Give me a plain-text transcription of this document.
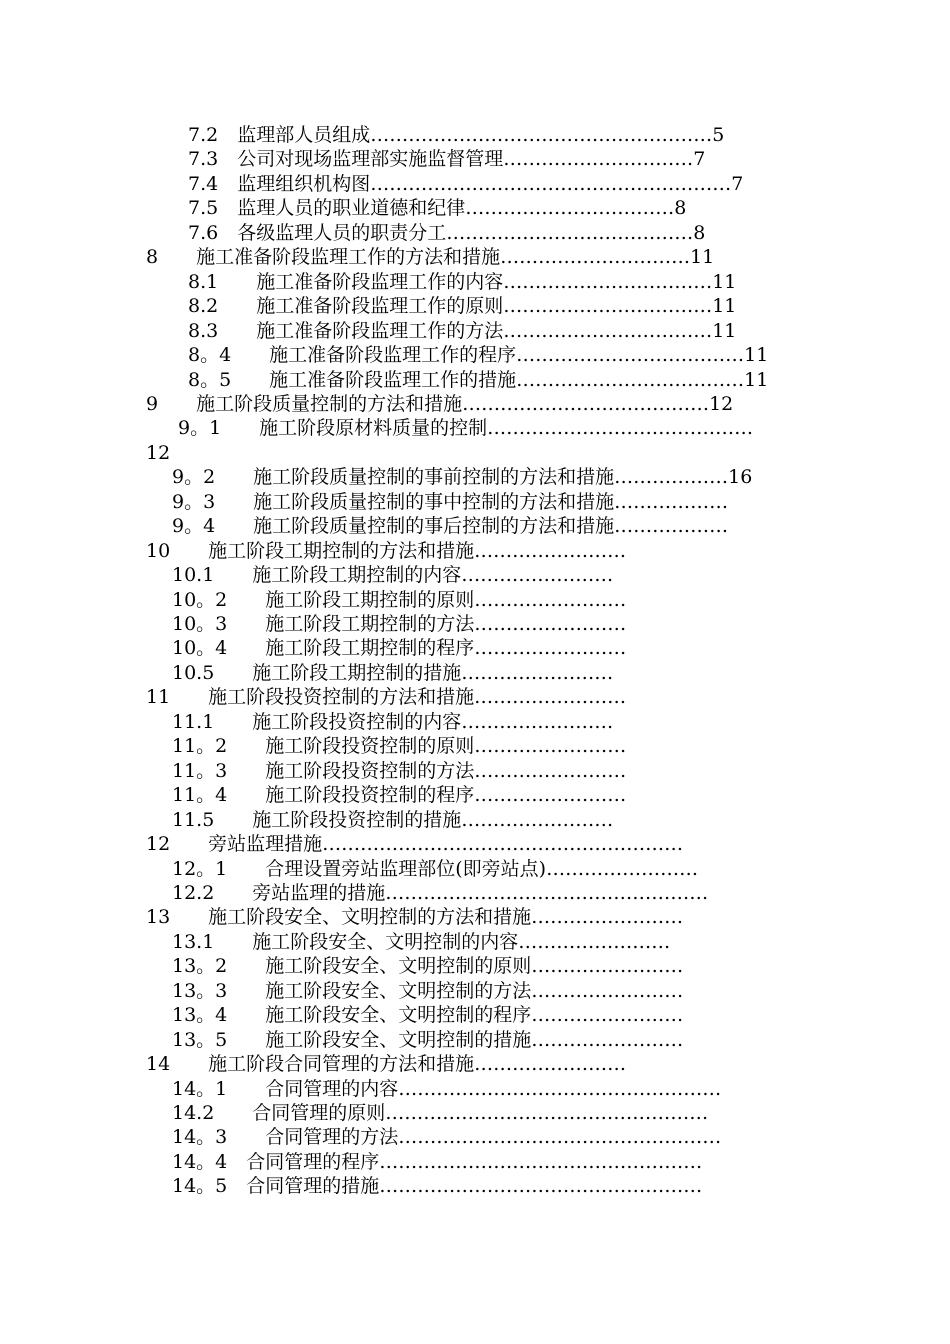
7.2　监理部人员组成………………………………………………5
7.3　公司对现场监理部实施监督管理…………………………7
7.4　监理组织机构图…………………………………………………7
7.5　监理人员的职业道德和纪律……………………………8
7.6　各级监理人员的职责分工…………………………………8
8　　施工准备阶段监理工作的方法和措施…………………………11
8.1　　施工准备阶段监理工作的内容……………………………11
8.2　　施工准备阶段监理工作的原则……………………………11
8.3　　施工准备阶段监理工作的方法……………………………11
8。4　　施工准备阶段监理工作的程序………………………………11
8。5　　施工准备阶段监理工作的措施………………………………11
9　　施工阶段质量控制的方法和措施…………………………………12
9。1　　施工阶段原材料质量的控制……………………………………
12
9。2　　施工阶段质量控制的事前控制的方法和措施………………16
9。3　　施工阶段质量控制的事中控制的方法和措施………………
9。4　　施工阶段质量控制的事后控制的方法和措施………………
10　　施工阶段工期控制的方法和措施……………………
10.1　　施工阶段工期控制的内容……………………
10。2　　施工阶段工期控制的原则……………………
10。3　　施工阶段工期控制的方法……………………
10。4　　施工阶段工期控制的程序……………………
10.5　　施工阶段工期控制的措施……………………
11　　施工阶段投资控制的方法和措施……………………
11.1　　施工阶段投资控制的内容……………………
11。2　　施工阶段投资控制的原则……………………
11。3　　施工阶段投资控制的方法……………………
11。4　　施工阶段投资控制的程序……………………
11.5　　施工阶段投资控制的措施……………………
12　　旁站监理措施…………………………………………………
12。1　　合理设置旁站监理部位(即旁站点)……………………
12.2　　旁站监理的措施……………………………………………
13　　施工阶段安全、文明控制的方法和措施……………………
13.1　　施工阶段安全、文明控制的内容……………………
13。2　　施工阶段安全、文明控制的原则……………………
13。3　　施工阶段安全、文明控制的方法……………………
13。4　　施工阶段安全、文明控制的程序……………………
13。5　　施工阶段安全、文明控制的措施……………………
14　　施工阶段合同管理的方法和措施……………………
14。1　　合同管理的内容……………………………………………
14.2　　合同管理的原则……………………………………………
14。3　　合同管理的方法……………………………………………
14。4　合同管理的程序……………………………………………
14。5　合同管理的措施……………………………………………
